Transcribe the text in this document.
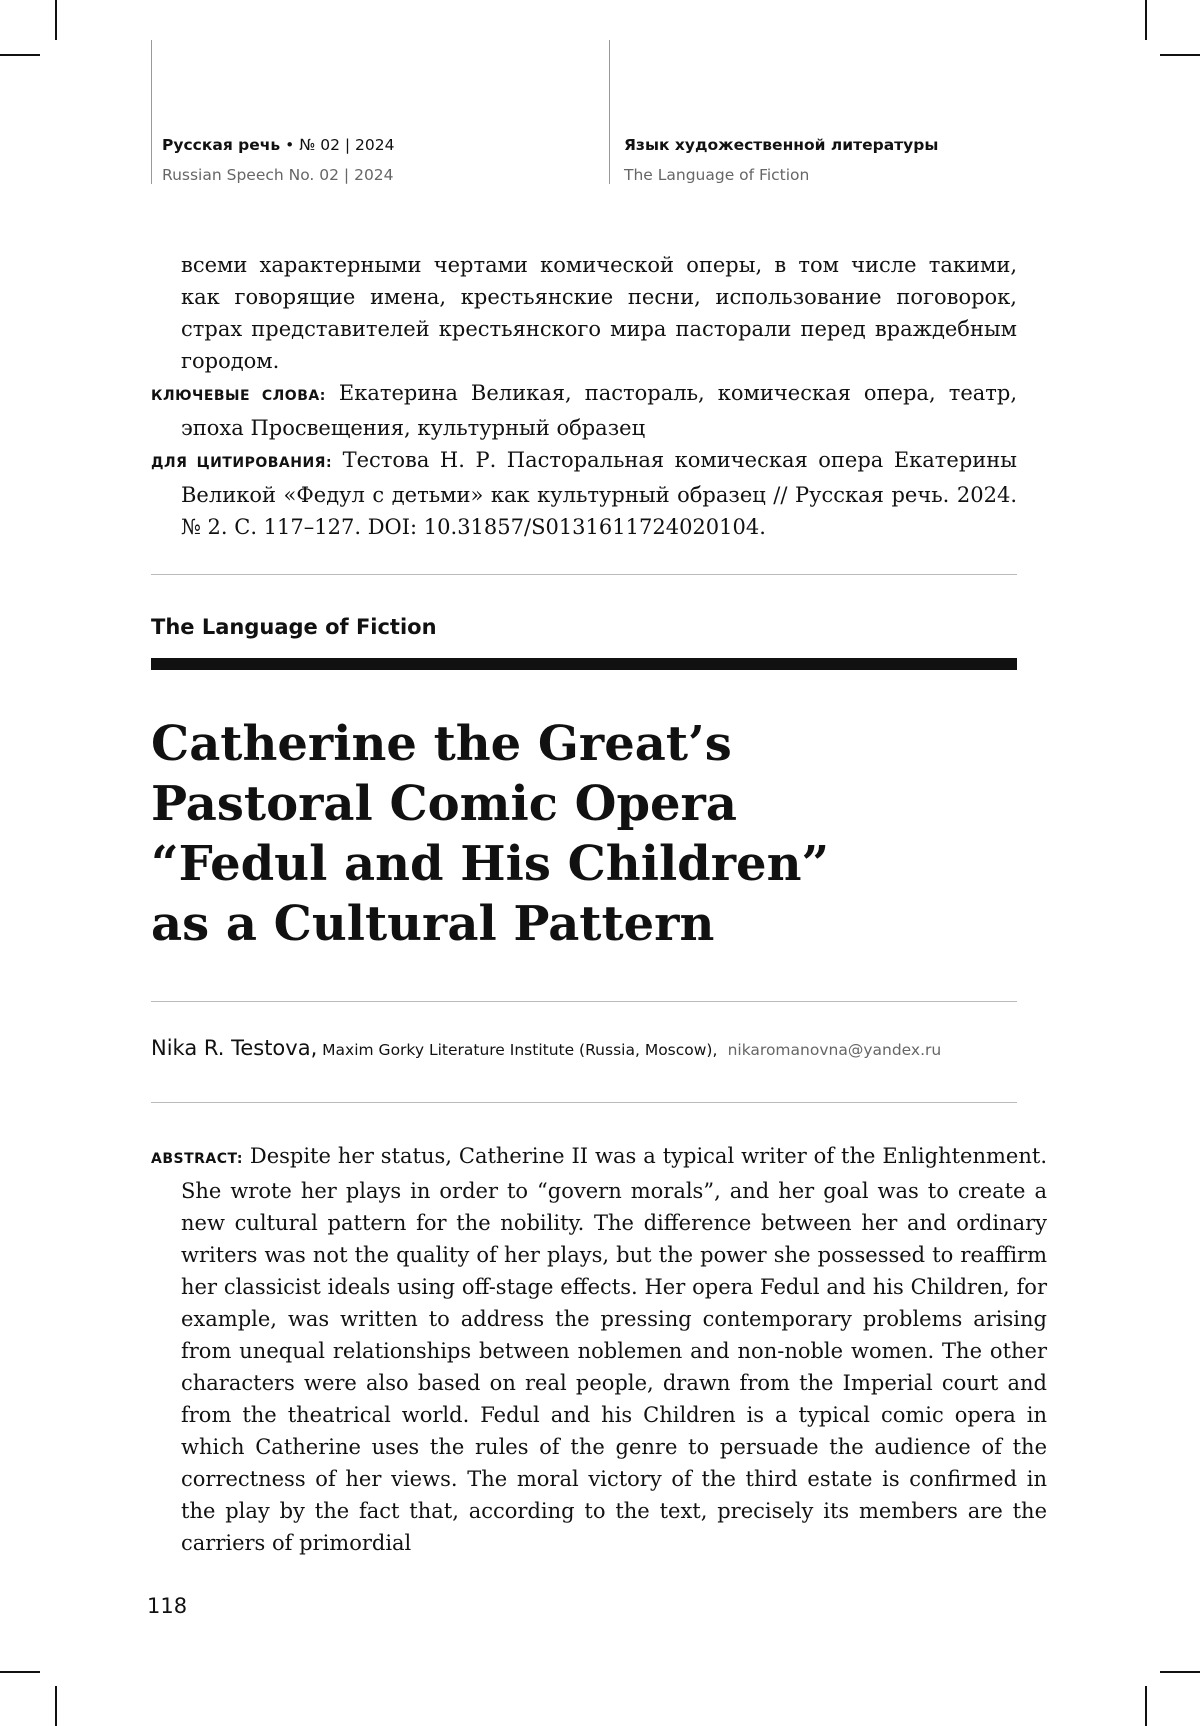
Русская речь • № 02 | 2024
Russian Speech No. 02 | 2024
Язык художественной литературы
The Language of Fiction
всеми характерными чертами комической оперы, в том числе такими, как говорящие имена, крестьянские песни, использование поговорок, страх представителей крестьянского мира пасторали перед враждебным городом.
КЛЮЧЕВЫЕ СЛОВА: Екатерина Великая, пастораль, комическая опера, театр, эпоха Просвещения, культурный образец
ДЛЯ ЦИТИРОВАНИЯ: Тестова Н. Р. Пасторальная комическая опера Екатерины Великой «Федул с детьми» как культурный образец // Русская речь. 2024. № 2. С. 117–127. DOI: 10.31857/S0131611724020104.
The Language of Fiction
Catherine the Great’s
Pastoral Comic Opera
“Fedul and His Children”
as a Cultural Pattern
Nika R. Testova, Maxim Gorky Literature Institute (Russia, Moscow), nikaromanovna@yandex.ru
ABSTRACT: Despite her status, Catherine II was a typical writer of the Enlightenment. She wrote her plays in order to “govern morals”, and her goal was to create a new cultural pattern for the nobility. The difference between her and ordinary writers was not the quality of her plays, but the power she possessed to reaffirm her classicist ideals using off-stage effects. Her opera Fedul and his Children, for example, was written to address the pressing contemporary problems arising from unequal relationships between noblemen and non-noble women. The other characters were also based on real people, drawn from the Imperial court and from the theatrical world. Fedul and his Children is a typical comic opera in which Catherine uses the rules of the genre to persuade the audience of the correctness of her views. The moral victory of the third estate is confirmed in the play by the fact that, according to the text, precisely its members are the carriers of primordial
118
